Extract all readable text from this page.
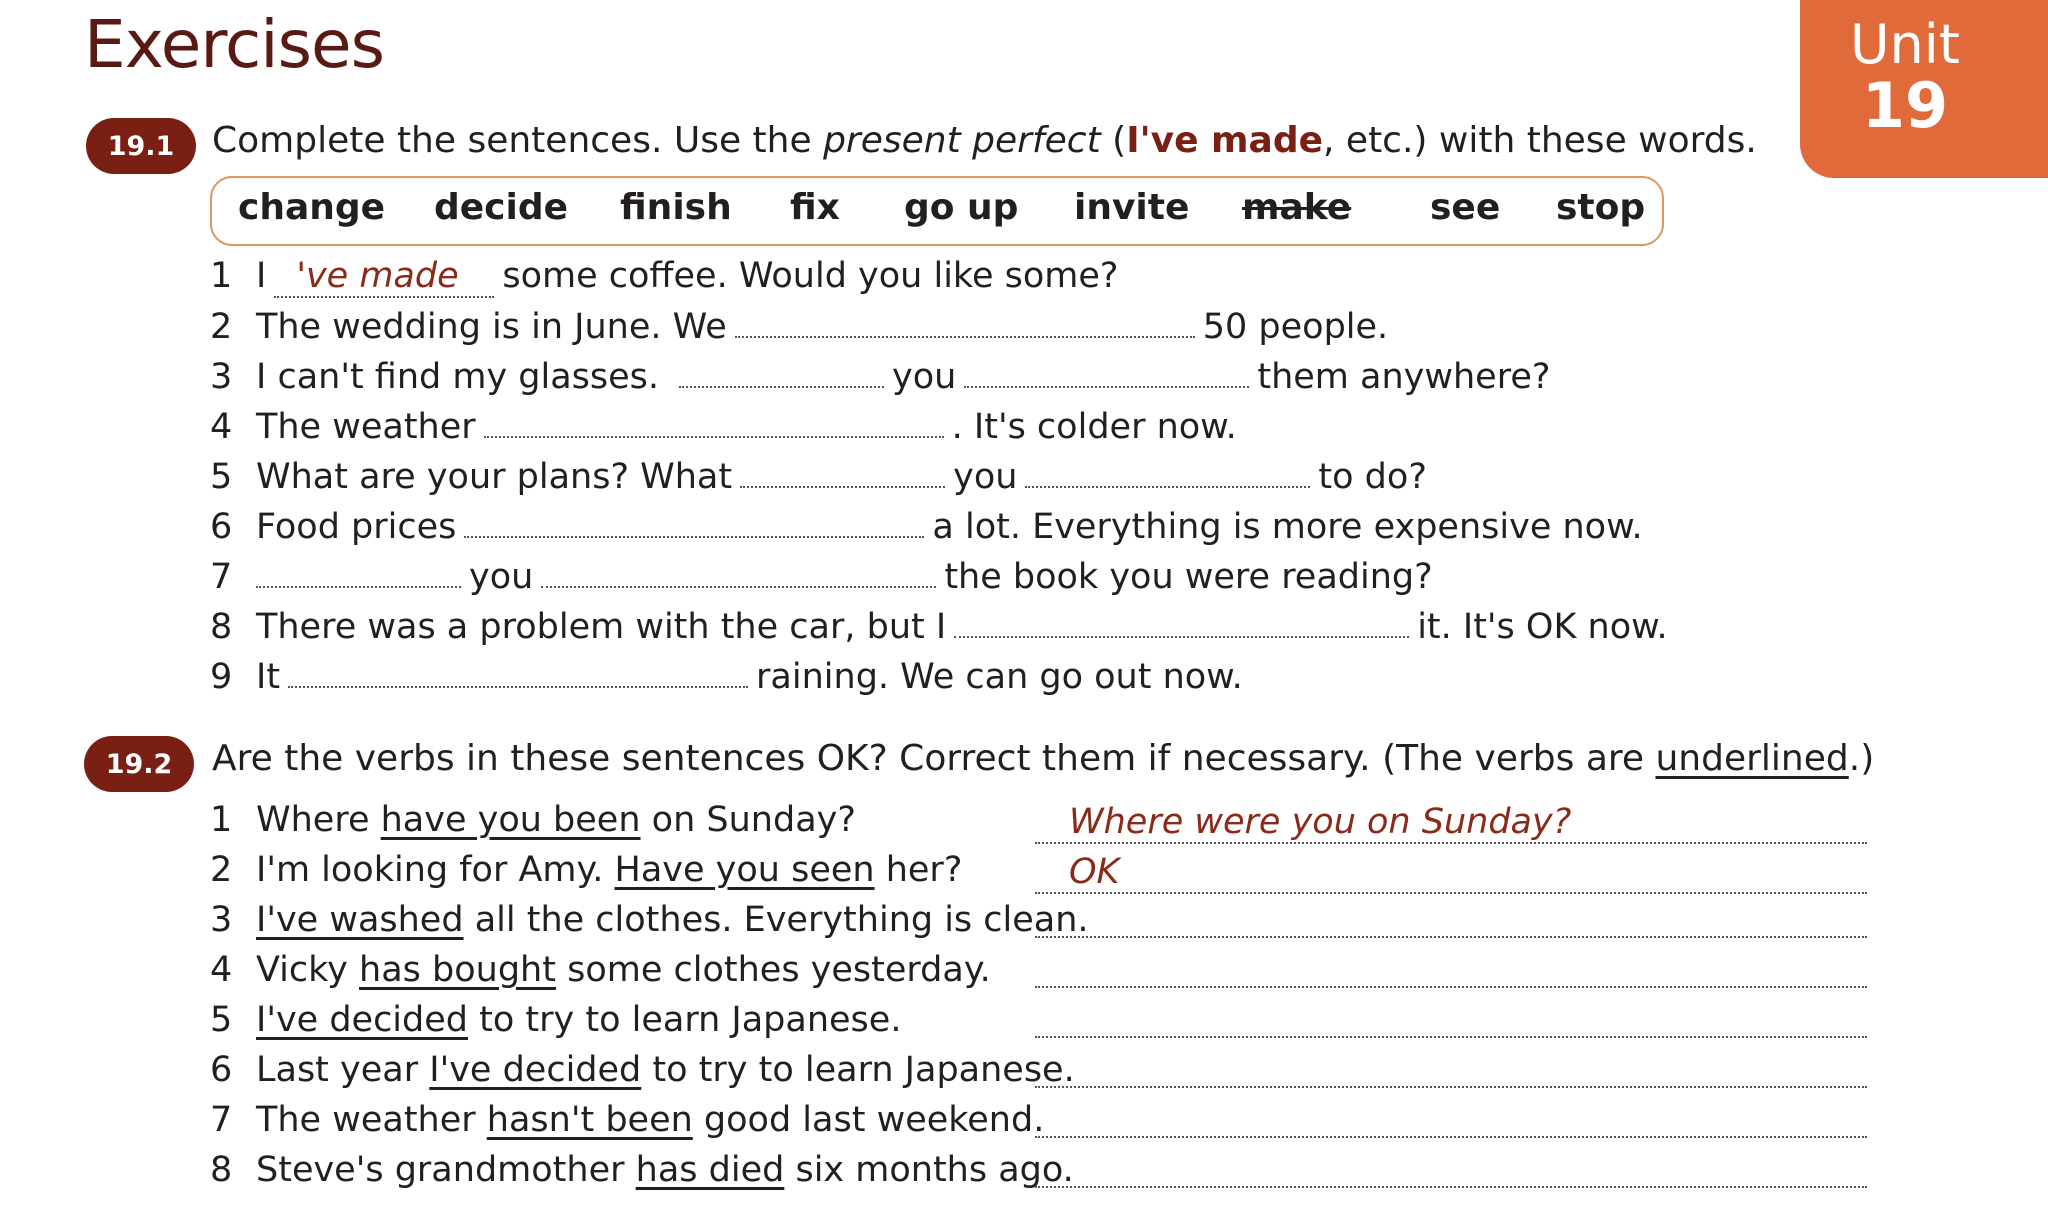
Exercises	Unit
19
19.1	Complete the sentences. Use the present perfect (I've made, etc.) with these words.
change decide finish fix go up invite make see stop
1 I 've made	some coffee. Would you like some?
2 The wedding is in June. We	50 people.
3 I can't find my glasses.	you	them anywhere?
4 The weather	. It's colder now.
5 What are your plans? What	you	to do?
6 Food prices	a lot. Everything is more expensive now.
7	you	the book you were reading?
8 There was a problem with the car, but I	it. It's OK now.
9 It	raining. We can go out now.
19.2	Are the verbs in these sentences OK? Correct them if necessary. (The verbs are underlined.)
1 Where
have you been
on Sunday?	Where were you on Sunday?
2 I'm looking for Amy.
Have you seen
her?	OK
3 I've washed
all the clothes. Everything is clean.
4 Vicky
has bought
some clothes yesterday.
5 I've decided
to try to learn Japanese.
6 Last year
I've decided
to try to learn Japanese.
7 The weather
hasn't been
good last weekend.
8 Steve's grandmother
has died
six months ago.
